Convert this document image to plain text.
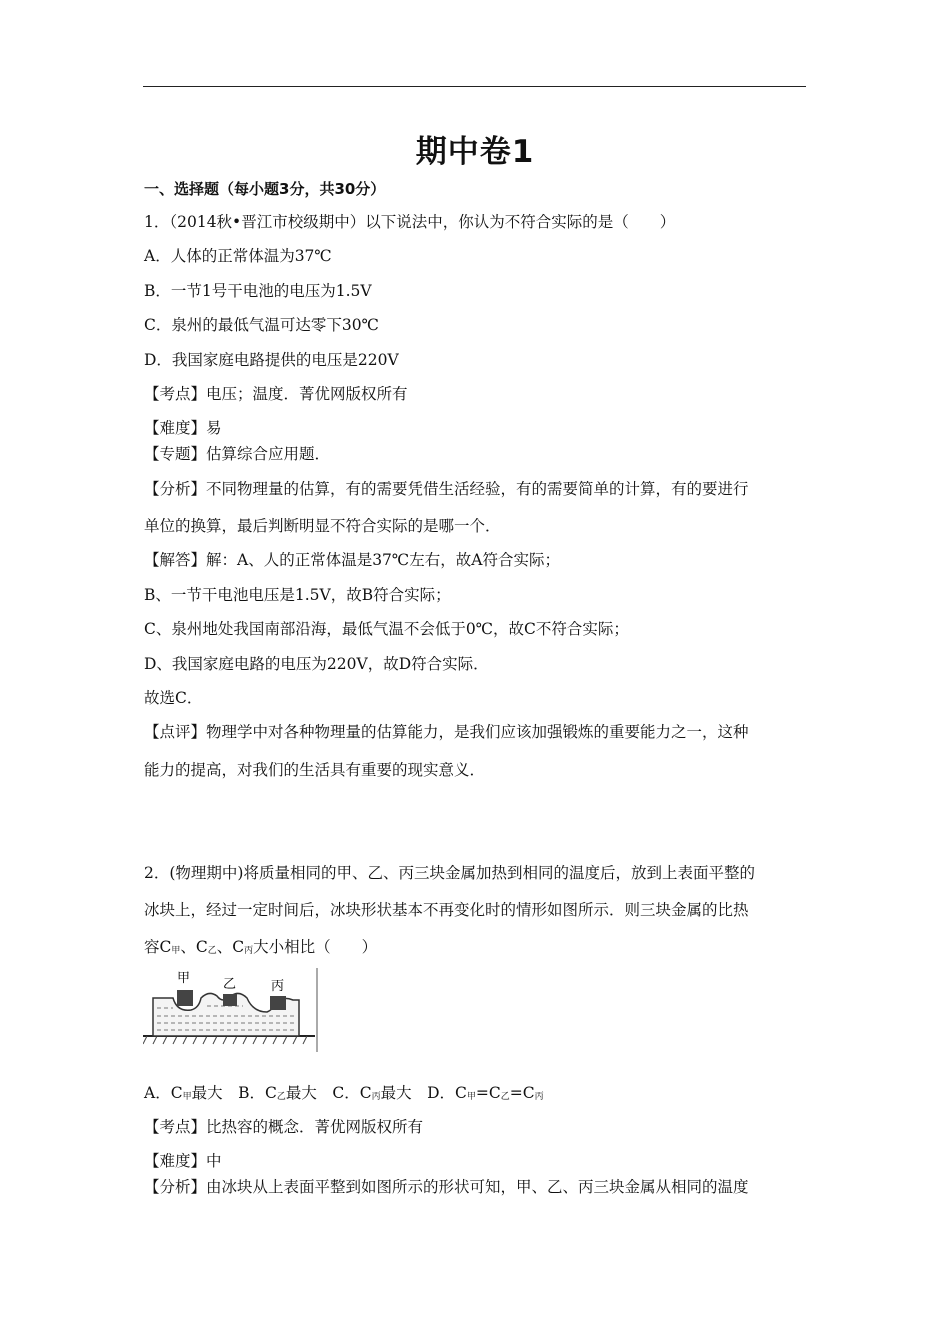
期中卷1
一、选择题（每小题3分，共30分）
1．（2014秋•晋江市校级期中）以下说法中，你认为不符合实际的是（　　）
A．人体的正常体温为37℃
B．一节1号干电池的电压为1.5V
C．泉州的最低气温可达零下30℃
D．我国家庭电路提供的电压是220V
【考点】电压；温度．菁优网版权所有
【难度】易
【专题】估算综合应用题．
【分析】不同物理量的估算，有的需要凭借生活经验，有的需要简单的计算，有的要进行
单位的换算，最后判断明显不符合实际的是哪一个．
【解答】解：A、人的正常体温是37℃左右，故A符合实际；
B、一节干电池电压是1.5V，故B符合实际；
C、泉州地处我国南部沿海，最低气温不会低于0℃，故C不符合实际；
D、我国家庭电路的电压为220V，故D符合实际．
故选C．
【点评】物理学中对各种物理量的估算能力，是我们应该加强锻炼的重要能力之一，这种
能力的提高，对我们的生活具有重要的现实意义．
2．(物理期中)将质量相同的甲、乙、丙三块金属加热到相同的温度后，放到上表面平整的
冰块上，经过一定时间后，冰块形状基本不再变化时的情形如图所示．则三块金属的比热
容$C_甲$、$C_乙$、$C_丙$大小相比（　　）
甲	乙	丙
A．$C_甲$最大　B．$C_乙$最大　C．$C_丙$最大　D．$C_甲=C_乙=C_丙$
【考点】比热容的概念．菁优网版权所有
【难度】中
【分析】由冰块从上表面平整到如图所示的形状可知，甲、乙、丙三块金属从相同的温度
